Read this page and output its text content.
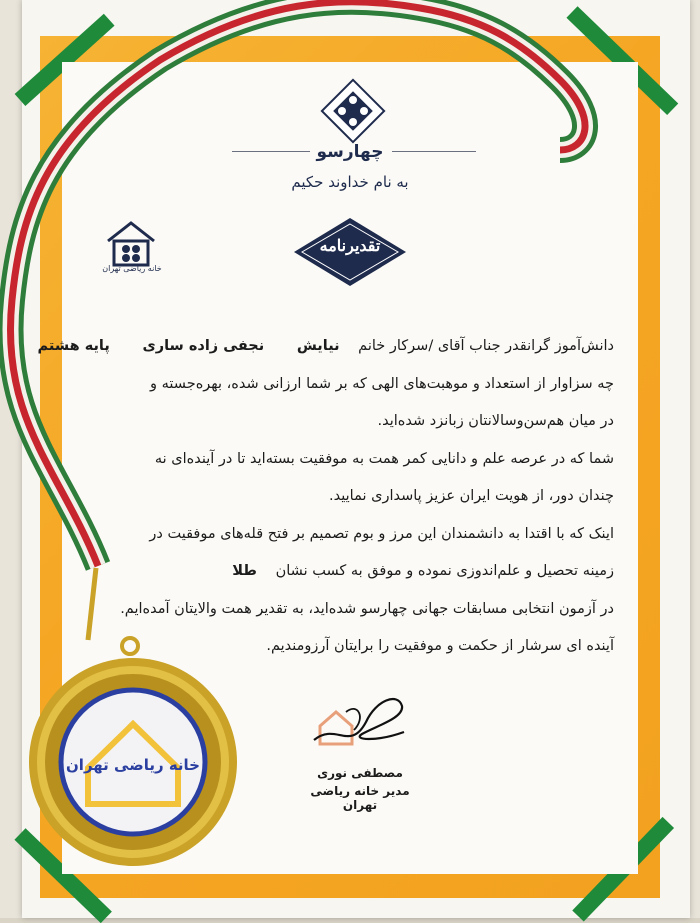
چهارسو
به نام خداوند حکیم
خانه ریاضی تهران
تقدیرنامه
دانش‌آموز گرانقدر جناب آقای /سرکار خانم نیایش نجفی زاده ساری پایه هشتم
چه سزاوار از استعداد و موهبت‌های الهی که بر شما ارزانی شده، بهره‌جسته و
در میان هم‌سن‌وسالانتان زبانزد شده‌اید.
شما که در عرصه علم و دانایی کمر همت به موفقیت بسته‌اید تا در آینده‌ای نه
چندان دور، از هویت ایران عزیز پاسداری نمایید.
اینک که با اقتدا به دانشمندان این مرز و بوم تصمیم بر فتح قله‌های موفقیت در
زمینه تحصیل و علم‌اندوزی نموده و موفق به کسب نشان طلا
در آزمون انتخابی مسابقات جهانی چهارسو شده‌اید، به تقدیر همت والایتان آمده‌ایم.
آینده ای سرشار از حکمت و موفقیت را برایتان آرزومندیم.
مصطفی نوری
مدیر خانه ریاضی تهران
خانه ریاضی تهران
